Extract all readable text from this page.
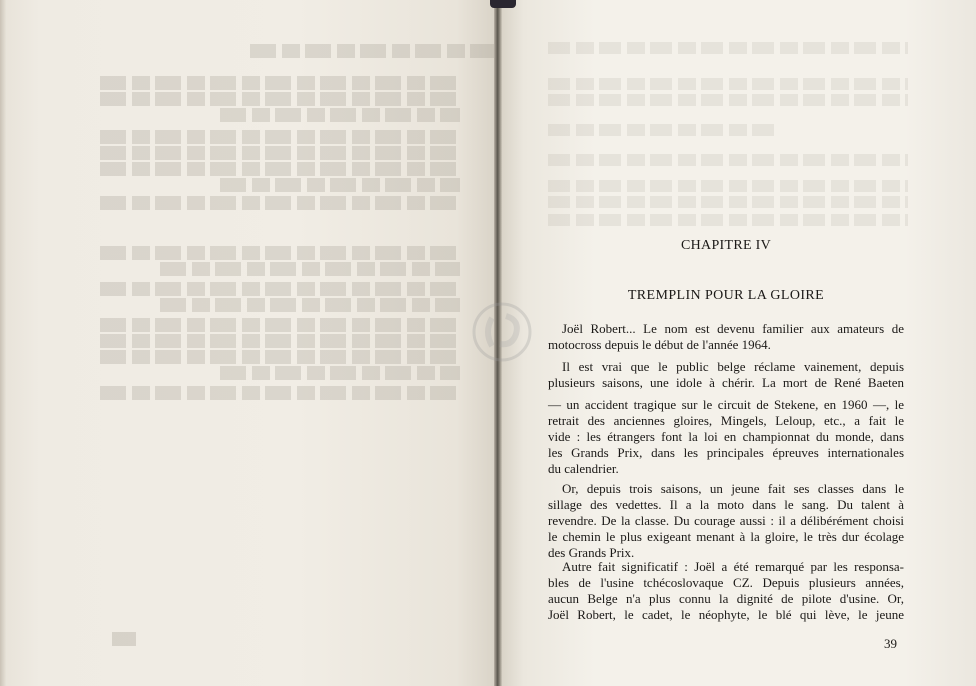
CHAPITRE IV
TREMPLIN POUR LA GLOIRE
Joël Robert... Le nom est devenu familier aux amateurs de
motocross depuis le début de l'année 1964.
Il est vrai que le public belge réclame vainement, depuis
plusieurs saisons, une idole à chérir. La mort de René Baeten
— un accident tragique sur le circuit de Stekene, en 1960 —, le
retrait des anciennes gloires, Mingels, Leloup, etc., a fait le
vide : les étrangers font la loi en championnat du monde, dans
les Grands Prix, dans les principales épreuves internationales
du calendrier.
Or, depuis trois saisons, un jeune fait ses classes dans le
sillage des vedettes. Il a la moto dans le sang. Du talent à
revendre. De la classe. Du courage aussi : il a délibérément choisi
le chemin le plus exigeant menant à la gloire, le très dur écolage
des Grands Prix.
Autre fait significatif : Joël a été remarqué par les responsa-
bles de l'usine tchécoslovaque CZ. Depuis plusieurs années,
aucun Belge n'a plus connu la dignité de pilote d'usine. Or,
Joël Robert, le cadet, le néophyte, le blé qui lève, le jeune
39
